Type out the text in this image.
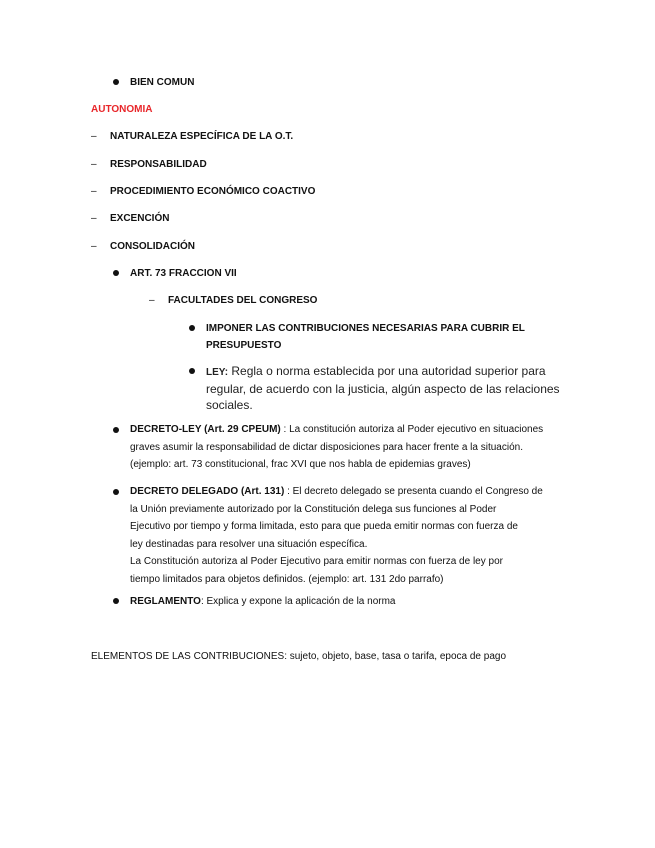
BIEN COMUN
AUTONOMIA
– NATURALEZA ESPECÍFICA DE LA O.T.
– RESPONSABILIDAD
– PROCEDIMIENTO ECONÓMICO COACTIVO
– EXCENCIÓN
– CONSOLIDACIÓN
ART. 73 FRACCION VII
– FACULTADES DEL CONGRESO
IMPONER LAS CONTRIBUCIONES NECESARIAS PARA CUBRIR EL
PRESUPUESTO
LEY: Regla o norma establecida por una autoridad superior para
regular, de acuerdo con la justicia, algún aspecto de las relaciones
sociales.
DECRETO-LEY (Art. 29 CPEUM) : La constitución autoriza al Poder ejecutivo en situaciones
graves asumir la responsabilidad de dictar disposiciones para hacer frente a la situación.
(ejemplo: art. 73 constitucional, frac XVI que nos habla de epidemias graves)
DECRETO DELEGADO (Art. 131) : El decreto delegado se presenta cuando el Congreso de
la Unión previamente autorizado por la Constitución delega sus funciones al Poder
Ejecutivo por tiempo y forma limitada, esto para que pueda emitir normas con fuerza de
ley destinadas para resolver una situación específica.
La Constitución autoriza al Poder Ejecutivo para emitir normas con fuerza de ley por
tiempo limitados para objetos definidos. (ejemplo: art. 131 2do parrafo)
REGLAMENTO: Explica y expone la aplicación de la norma
ELEMENTOS DE LAS CONTRIBUCIONES: sujeto, objeto, base, tasa o tarifa, epoca de pago
